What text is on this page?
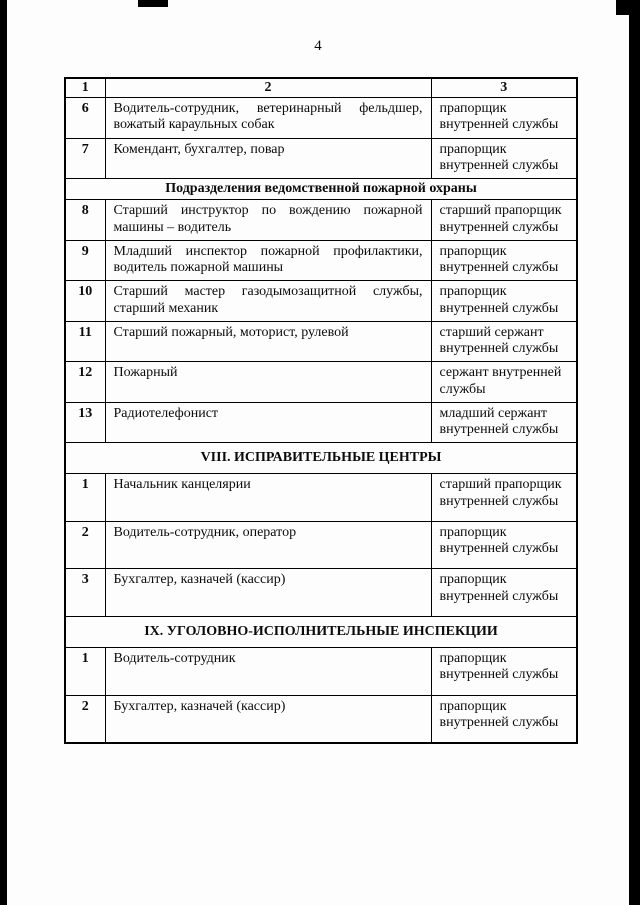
4
1	2	3
6	Водитель-сотрудник, ветеринарный фельдшер, вожатый караульных собак	прапорщик внутренней службы
7	Комендант, бухгалтер, повар	прапорщик внутренней службы
Подразделения ведомственной пожарной охраны		
8	Старший инструктор по вождению пожарной машины – водитель	старший прапорщик внутренней службы
9	Младший инспектор пожарной профилактики, водитель пожарной машины	прапорщик внутренней службы
10	Старший мастер газодымозащитной службы, старший механик	прапорщик внутренней службы
11	Старший пожарный, моторист, рулевой	старший сержант внутренней службы
12	Пожарный	сержант внутренней службы
13	Радиотелефонист	младший сержант внутренней службы
VIII. ИСПРАВИТЕЛЬНЫЕ ЦЕНТРЫ		
1	Начальник канцелярии	старший прапорщик внутренней службы
2	Водитель-сотрудник, оператор	прапорщик внутренней службы
3	Бухгалтер, казначей (кассир)	прапорщик внутренней службы
IX. УГОЛОВНО-ИСПОЛНИТЕЛЬНЫЕ ИНСПЕКЦИИ		
1	Водитель-сотрудник	прапорщик внутренней службы
2	Бухгалтер, казначей (кассир)	прапорщик внутренней службы
